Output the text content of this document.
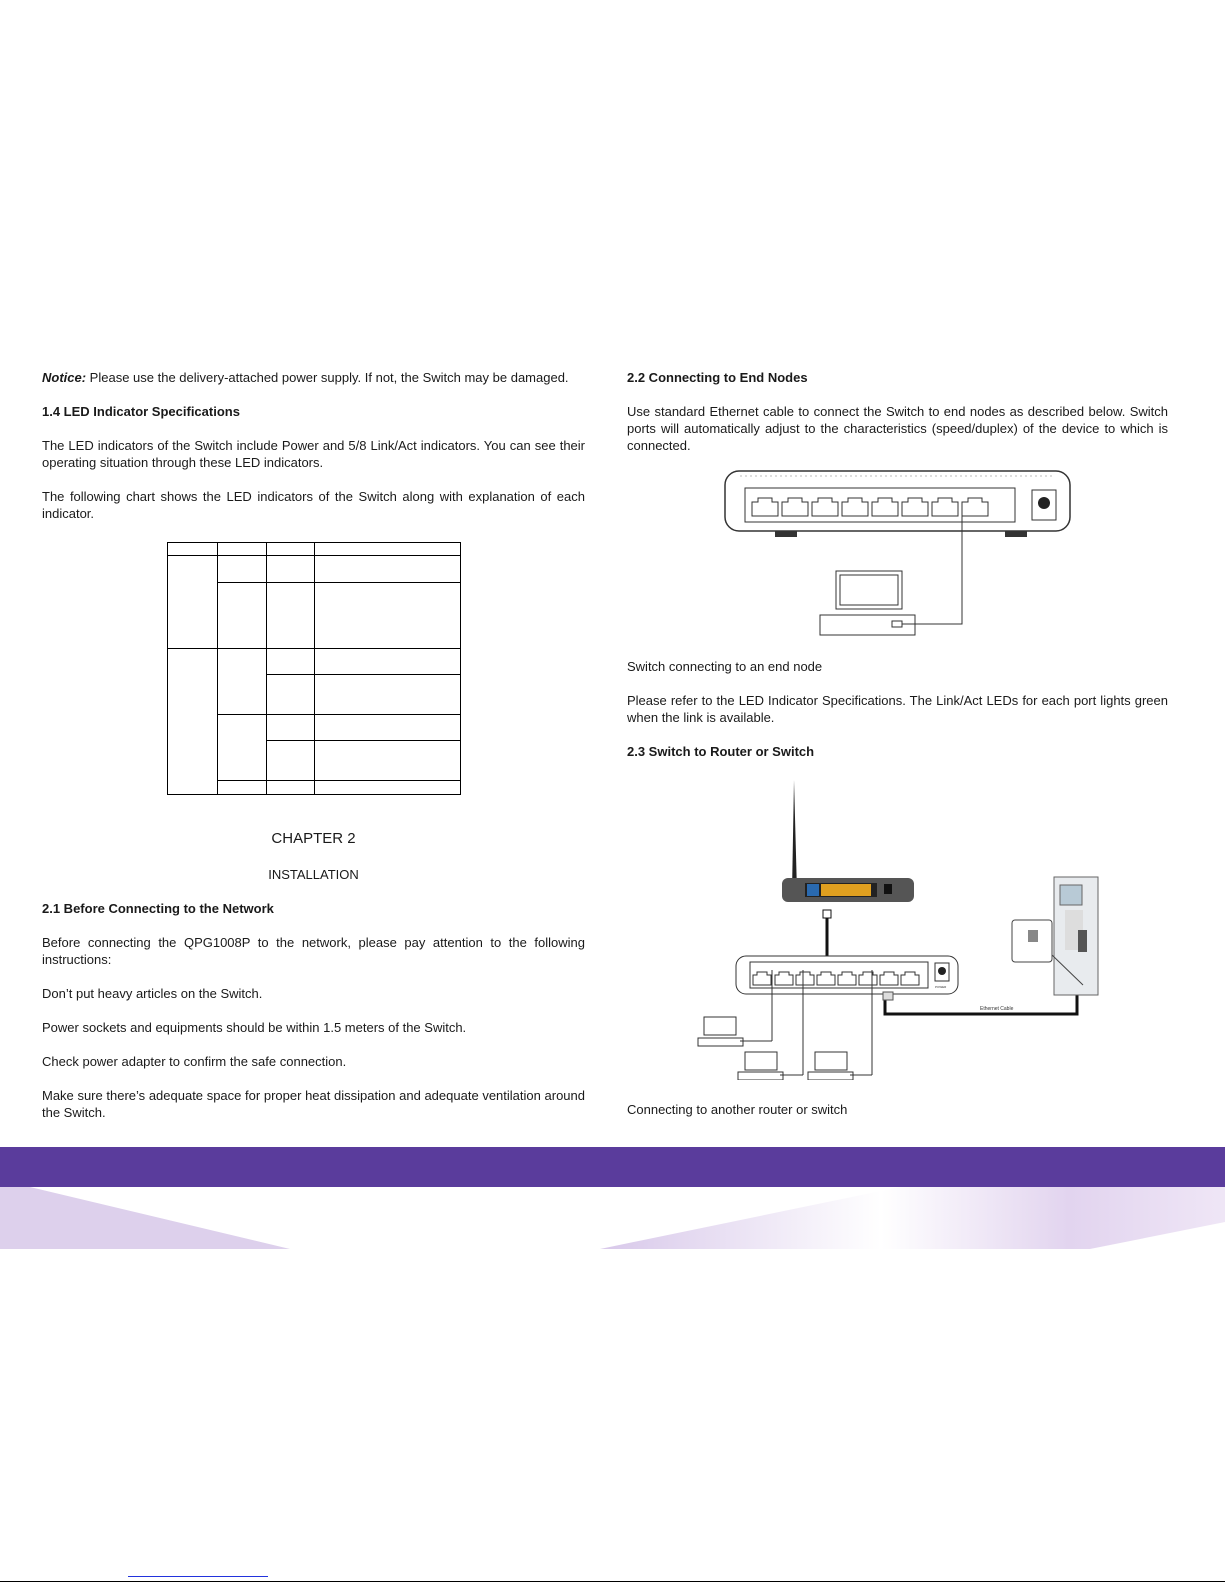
Notice: Please use the delivery-attached power supply. If not, the Switch may be damaged.

1.4 LED Indicator Specifications

The LED indicators of the Switch include Power and 5/8 Link/Act indicators. You can see their operating situation through these LED indicators.

The following chart shows the LED indicators of the Switch along with explanation of each indicator.

CHAPTER 2

INSTALLATION

2.1 Before Connecting to the Network

Before connecting the QPG1008P to the network, please pay attention to the following instructions:

Don’t put heavy articles on the Switch.

Power sockets and equipments should be within 1.5 meters of the Switch.

Check power adapter to confirm the safe connection.

Make sure there’s adequate space for proper heat dissipation and adequate ventilation around the Switch.

2.2 Connecting to End Nodes

Use standard Ethernet cable to connect the Switch to end nodes as described below. Switch ports will automatically adjust to the characteristics (speed/duplex) of the device to which is connected.

Switch connecting to an end node

Please refer to the LED Indicator Specifications. The Link/Act LEDs for each port lights green when the link is available.

2.3 Switch to Router or Switch

POWER
Ethernet Cable

Connecting to another router or switch
